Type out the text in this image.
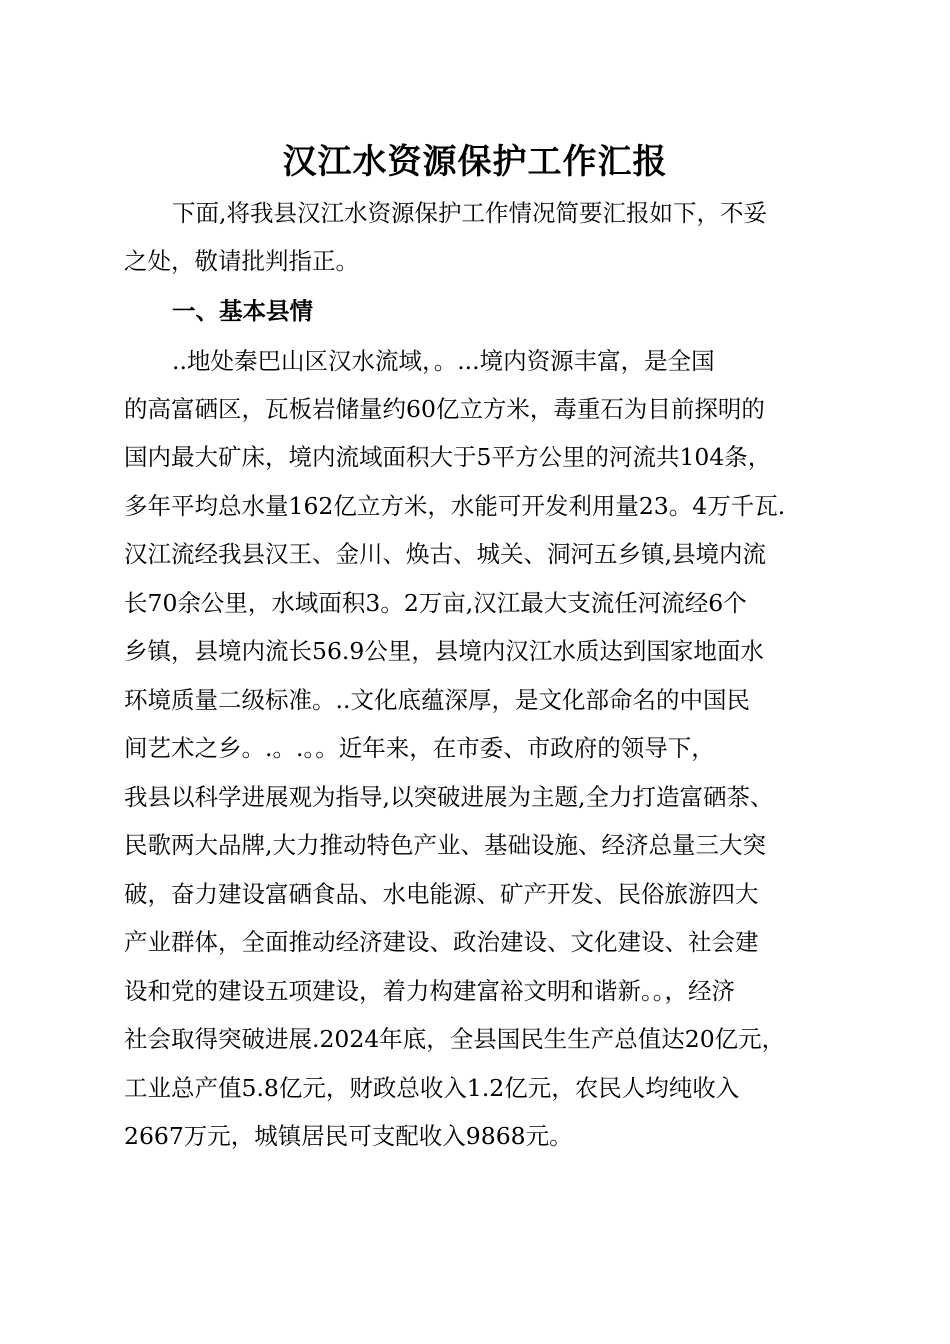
汉江水资源保护工作汇报

下面,将我县汉江水资源保护工作情况简要汇报如下，不妥

之处，敬请批判指正。

一、基本县情

..地处秦巴山区汉水流域，。...境内资源丰富，是全国

的高富硒区，瓦板岩储量约60亿立方米，毒重石为目前探明的

国内最大矿床，境内流域面积大于5平方公里的河流共104条，

多年平均总水量162亿立方米，水能可开发利用量23。4万千瓦.

汉江流经我县汉王、金川、焕古、城关、洞河五乡镇,县境内流

长70余公里，水域面积3。2万亩,汉江最大支流任河流经6个

乡镇，县境内流长56.9公里，县境内汉江水质达到国家地面水

环境质量二级标准。..文化底蕴深厚，是文化部命名的中国民

间艺术之乡。.。.。。近年来，在市委、市政府的领导下，

我县以科学进展观为指导,以突破进展为主题,全力打造富硒茶、

民歌两大品牌,大力推动特色产业、基础设施、经济总量三大突

破，奋力建设富硒食品、水电能源、矿产开发、民俗旅游四大

产业群体，全面推动经济建设、政治建设、文化建设、社会建

设和党的建设五项建设，着力构建富裕文明和谐新。。，经济

社会取得突破进展.2024年底，全县国民生生产总值达20亿元，

工业总产值5.8亿元，财政总收入1.2亿元，农民人均纯收入

2667万元，城镇居民可支配收入9868元。
